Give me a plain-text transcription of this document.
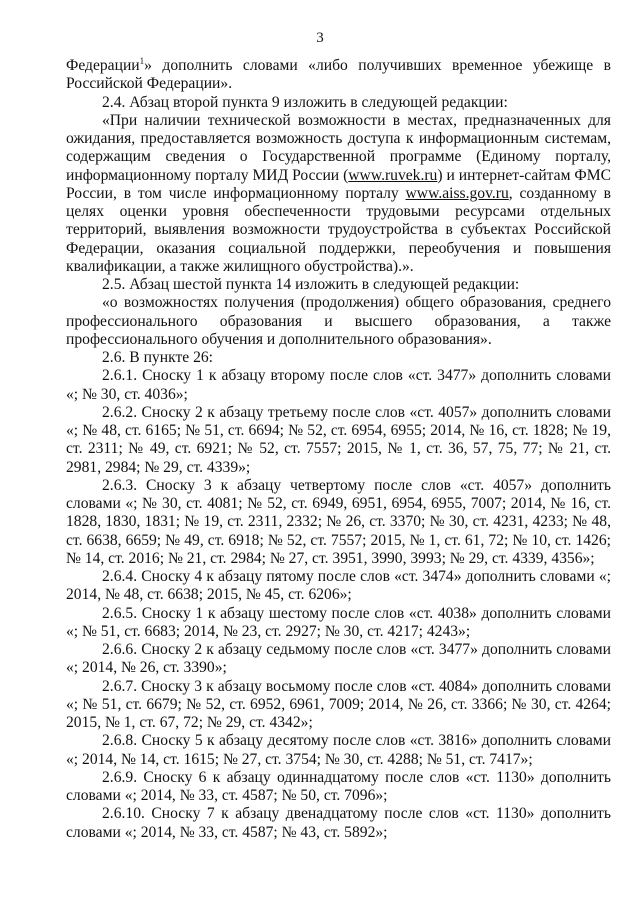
3

Федерации$^1$» дополнить словами «либо получивших временное убежище в Российской Федерации».

2.4. Абзац второй пункта 9 изложить в следующей редакции:

«При наличии технической возможности в местах, предназначенных для ожидания, предоставляется возможность доступа к информационным системам, содержащим сведения о Государственной программе (Единому порталу, информационному порталу МИД России (www.ruvek.ru) и интернет-сайтам ФМС России, в том числе информационному порталу www.aiss.gov.ru, созданному в целях оценки уровня обеспеченности трудовыми ресурсами отдельных территорий, выявления возможности трудоустройства в субъектах Российской Федерации, оказания социальной поддержки, переобучения и повышения квалификации, а также жилищного обустройства).».

2.5. Абзац шестой пункта 14 изложить в следующей редакции:

«о возможностях получения (продолжения) общего образования, среднего профессионального образования и высшего образования, а также профессионального обучения и дополнительного образования».

2.6. В пункте 26:

2.6.1. Сноску 1 к абзацу второму после слов «ст. 3477» дополнить словами «; № 30, ст. 4036»;

2.6.2. Сноску 2 к абзацу третьему после слов «ст. 4057» дополнить словами «; № 48, ст. 6165; № 51, ст. 6694; № 52, ст. 6954, 6955; 2014, № 16, ст. 1828; № 19, ст. 2311; № 49, ст. 6921; № 52, ст. 7557; 2015, № 1, ст. 36, 57, 75, 77; № 21, ст. 2981, 2984; № 29, ст. 4339»;

2.6.3. Сноску 3 к абзацу четвертому после слов «ст. 4057» дополнить словами «; № 30, ст. 4081; № 52, ст. 6949, 6951, 6954, 6955, 7007; 2014, № 16, ст. 1828, 1830, 1831; № 19, ст. 2311, 2332; № 26, ст. 3370; № 30, ст. 4231, 4233; № 48, ст. 6638, 6659; № 49, ст. 6918; № 52, ст. 7557; 2015, № 1, ст. 61, 72; № 10, ст. 1426; № 14, ст. 2016; № 21, ст. 2984; № 27, ст. 3951, 3990, 3993; № 29, ст. 4339, 4356»;

2.6.4. Сноску 4 к абзацу пятому после слов «ст. 3474» дополнить словами «; 2014, № 48, ст. 6638; 2015, № 45, ст. 6206»;

2.6.5. Сноску 1 к абзацу шестому после слов «ст. 4038» дополнить словами «; № 51, ст. 6683; 2014, № 23, ст. 2927; № 30, ст. 4217; 4243»;

2.6.6. Сноску 2 к абзацу седьмому после слов «ст. 3477» дополнить словами «; 2014, № 26, ст. 3390»;

2.6.7. Сноску 3 к абзацу восьмому после слов «ст. 4084» дополнить словами «; № 51, ст. 6679; № 52, ст. 6952, 6961, 7009; 2014, № 26, ст. 3366; № 30, ст. 4264; 2015, № 1, ст. 67, 72; № 29, ст. 4342»;

2.6.8. Сноску 5 к абзацу десятому после слов «ст. 3816» дополнить словами «; 2014, № 14, ст. 1615; № 27, ст. 3754; № 30, ст. 4288; № 51, ст. 7417»;

2.6.9. Сноску 6 к абзацу одиннадцатому после слов «ст. 1130» дополнить словами «; 2014, № 33, ст. 4587; № 50, ст. 7096»;

2.6.10. Сноску 7 к абзацу двенадцатому после слов «ст. 1130» дополнить словами «; 2014, № 33, ст. 4587; № 43, ст. 5892»;
